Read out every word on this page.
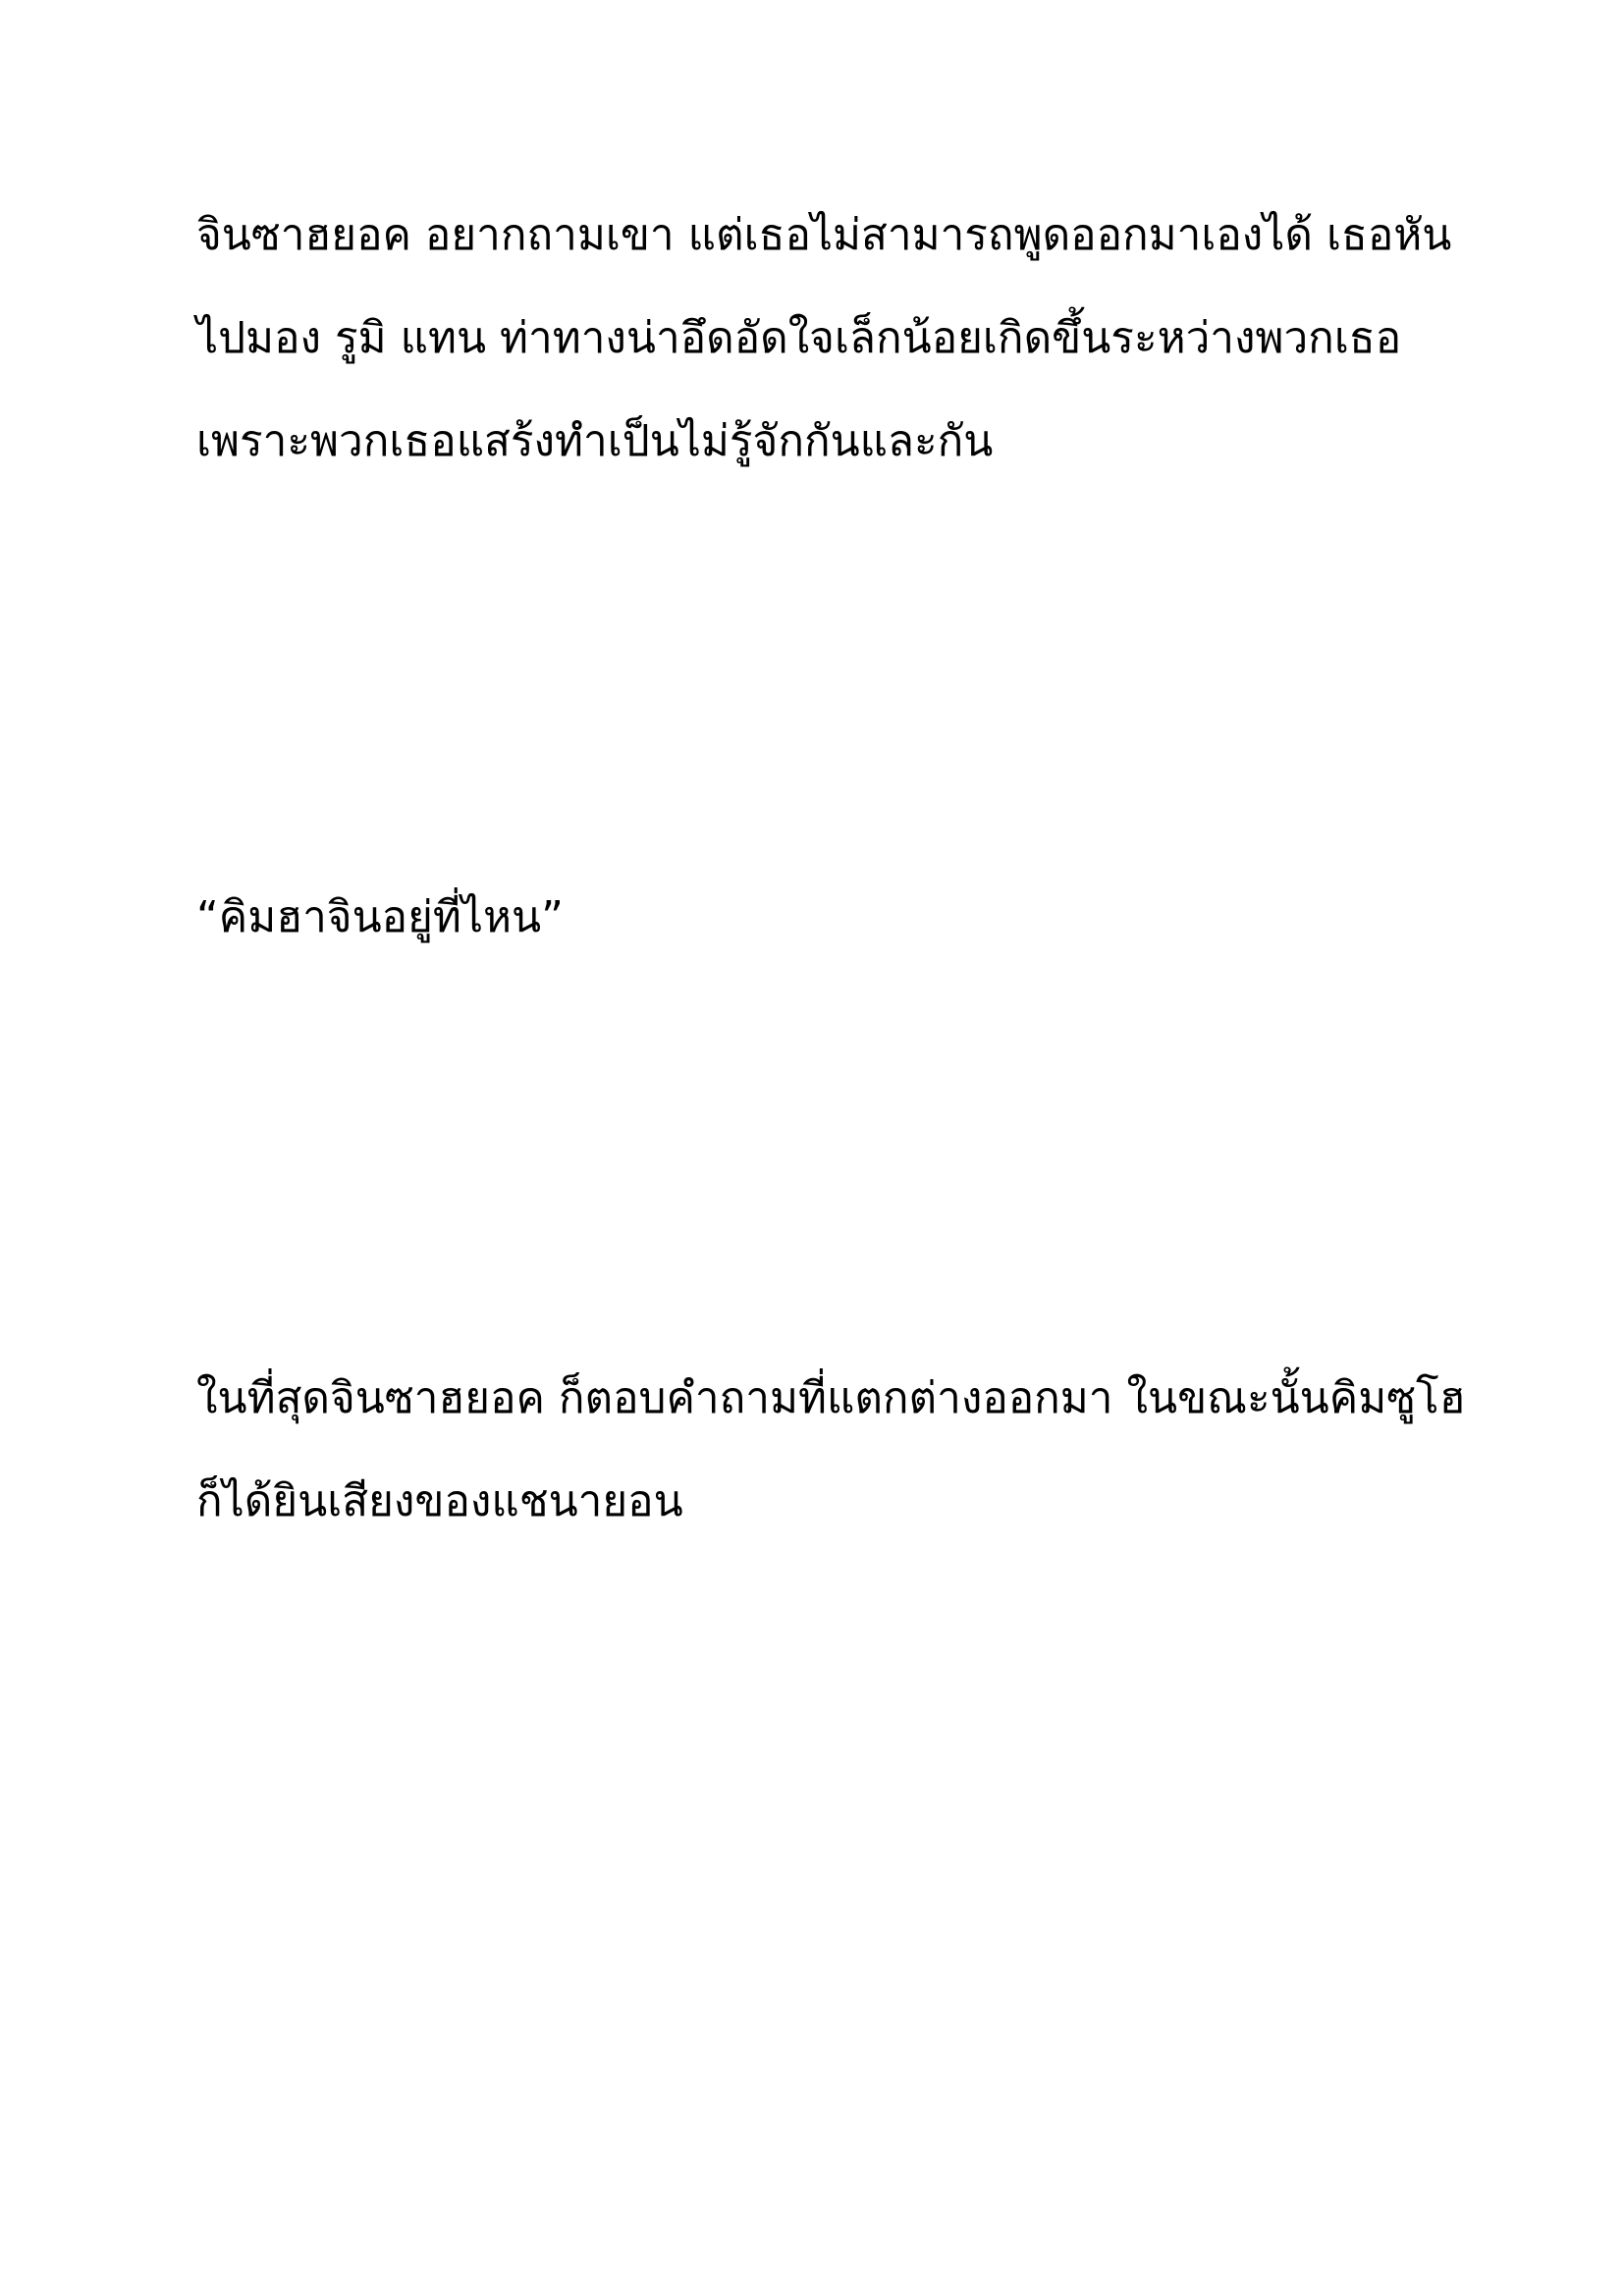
จินซาฮยอค อยากถามเขา แต่เธอไม่สามารถพูดออกมาเองได้ เธอหัน

ไปมอง รูมิ แทน ท่าทางน่าอึดอัดใจเล็กน้อยเกิดขึ้นระหว่างพวกเธอ

เพราะพวกเธอแสร้งทำเป็นไม่รู้จักกันและกัน

“คิมฮาจินอยู่ที่ไหน”

ในที่สุดจินซาฮยอค ก็ตอบคำถามที่แตกต่างออกมา ในขณะนั้นคิมซูโฮ

ก็ได้ยินเสียงของแชนายอน
